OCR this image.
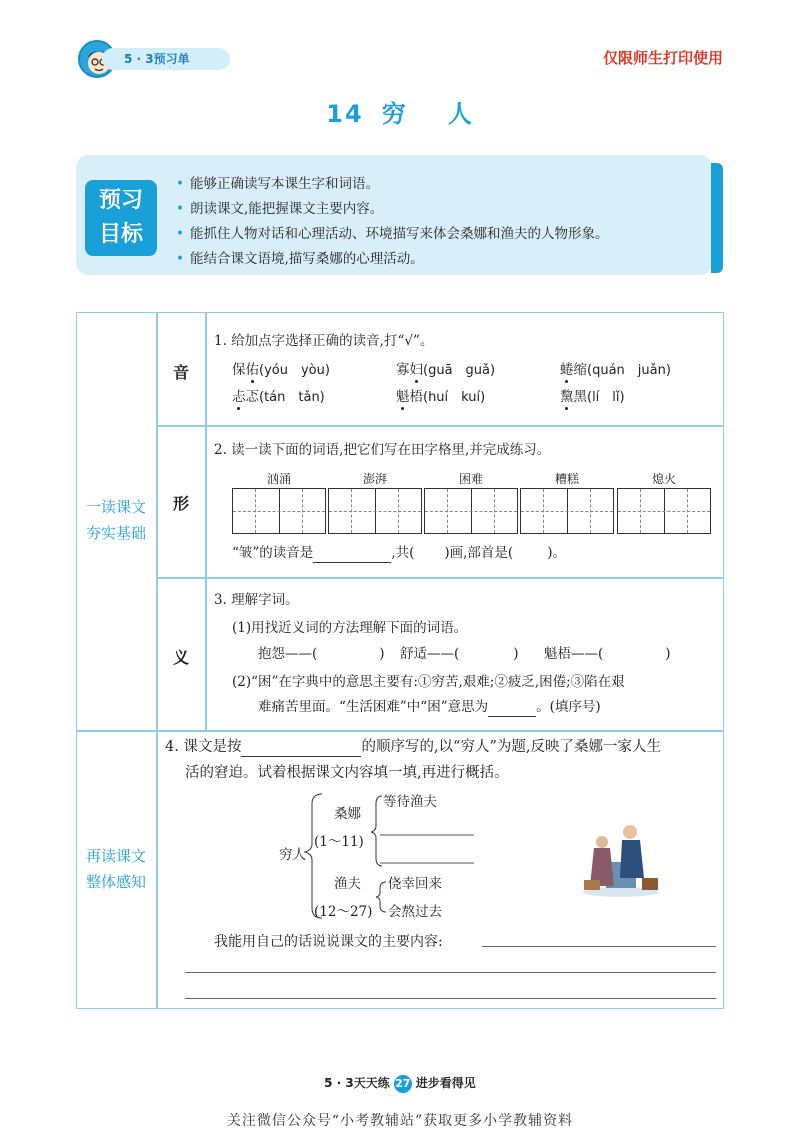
5 · 3预习单	仅限师生打印使用
14 穷 人
预习
目标
• 能够正确读写本课生字和词语。
• 朗读课文,能把握课文主要内容。
• 能抓住人物对话和心理活动、环境描写来体会桑娜和渔夫的人物形象。
• 能结合课文语境,描写桑娜的心理活动。
一读课文
夯实基础
音
1. 给加点字选择正确的读音,打“√”。
保佑(yóu　yòu)	寡妇(guā　guǎ)	蜷缩(quán　juǎn)
忐忑(tán　tǎn)	魁梧(huí　kuí)	黧黑(lí　lǐ)
形
2. 读一读下面的词语,把它们写在田字格里,并完成练习。
汹涌	澎湃	困难	糟糕	熄火
“皱”的读音是	,共( )画,部首是(	)。
义
3. 理解字词。
(1)用找近义词的方法理解下面的词语。
抱怨——(	) 舒适——(	) 魁梧——(	)
(2)“困”在字典中的意思主要有:①穷苦,艰难;②疲乏,困倦;③陷在艰
难痛苦里面。“生活困难”中“困”意思为	。(填序号)
再读课文
整体感知
4. 课文是按	的顺序写的,以“穷人”为题,反映了桑娜一家人生
活的窘迫。试着根据课文内容填一填,再进行概括。
穷人
桑娜
(1～11)
等待渔夫
渔夫
(12～27)
侥幸回来
会熬过去
我能用自己的话说说课文的主要内容:
5 · 3天天练 27 进步看得见
关注微信公众号“小考教辅站”获取更多小学教辅资料
